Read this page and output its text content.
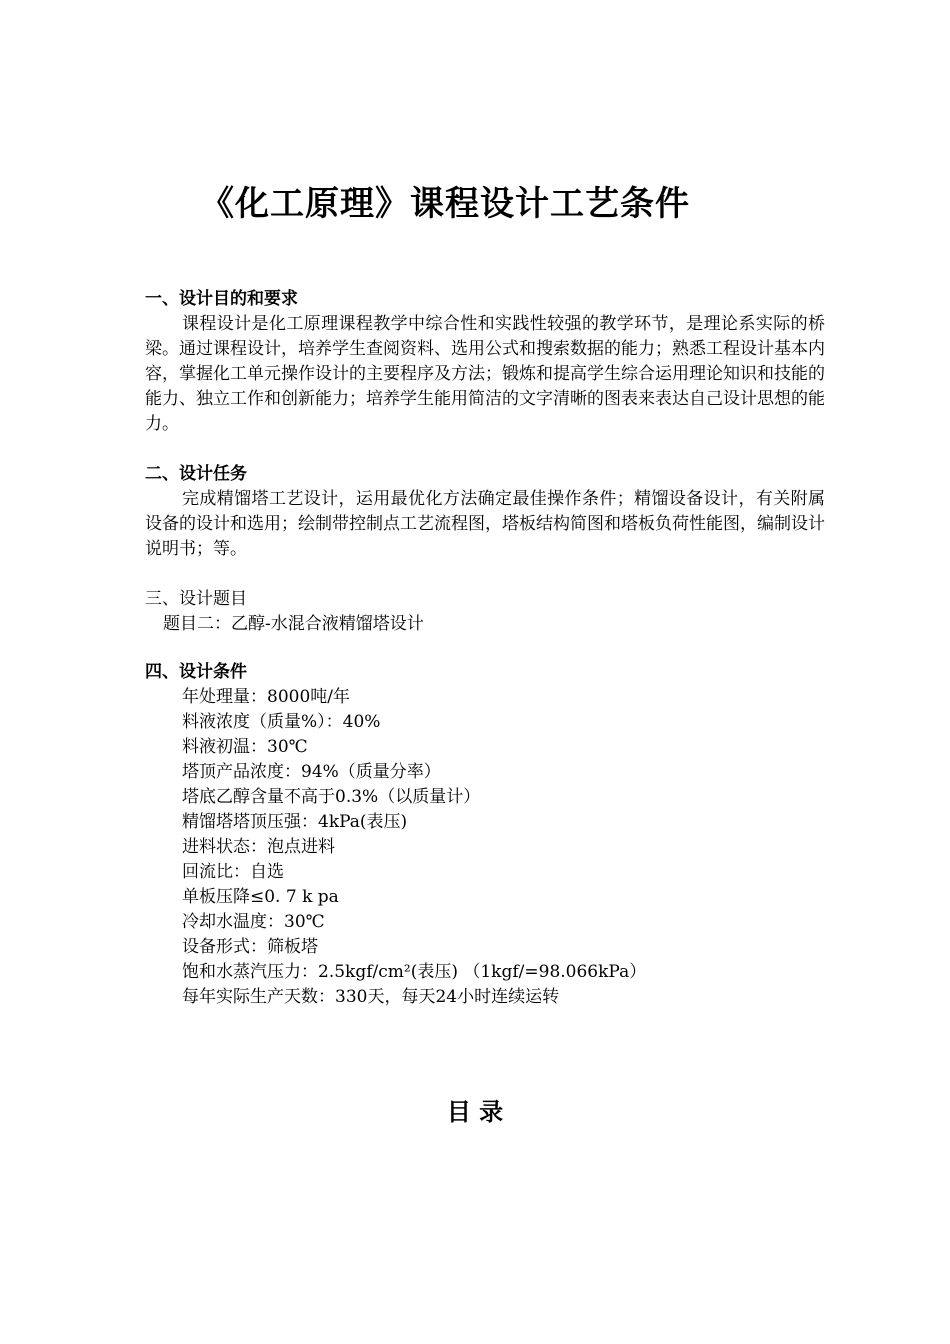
《化工原理》课程设计工艺条件
一、设计目的和要求
课程设计是化工原理课程教学中综合性和实践性较强的教学环节，是理论系实际的桥梁。通过课程设计，培养学生查阅资料、选用公式和搜索数据的能力；熟悉工程设计基本内容，掌握化工单元操作设计的主要程序及方法；锻炼和提高学生综合运用理论知识和技能的能力、独立工作和创新能力；培养学生能用简洁的文字清晰的图表来表达自己设计思想的能力。
二、设计任务
完成精馏塔工艺设计，运用最优化方法确定最佳操作条件；精馏设备设计，有关附属设备的设计和选用；绘制带控制点工艺流程图，塔板结构简图和塔板负荷性能图，编制设计说明书；等。
三、设计题目
题目二：乙醇-水混合液精馏塔设计
四、设计条件
年处理量：8000吨/年
料液浓度（质量%）：40%
料液初温：30℃
塔顶产品浓度：94%（质量分率）
塔底乙醇含量不高于0.3%（以质量计）
精馏塔塔顶压强：4kPa(表压)
进料状态：泡点进料
回流比：自选
单板压降≤0. 7 k pa
冷却水温度：30℃
设备形式：筛板塔
饱和水蒸汽压力：2.5kgf/cm²(表压) （1kgf/=98.066kPa）
每年实际生产天数：330天，每天24小时连续运转
目 录
